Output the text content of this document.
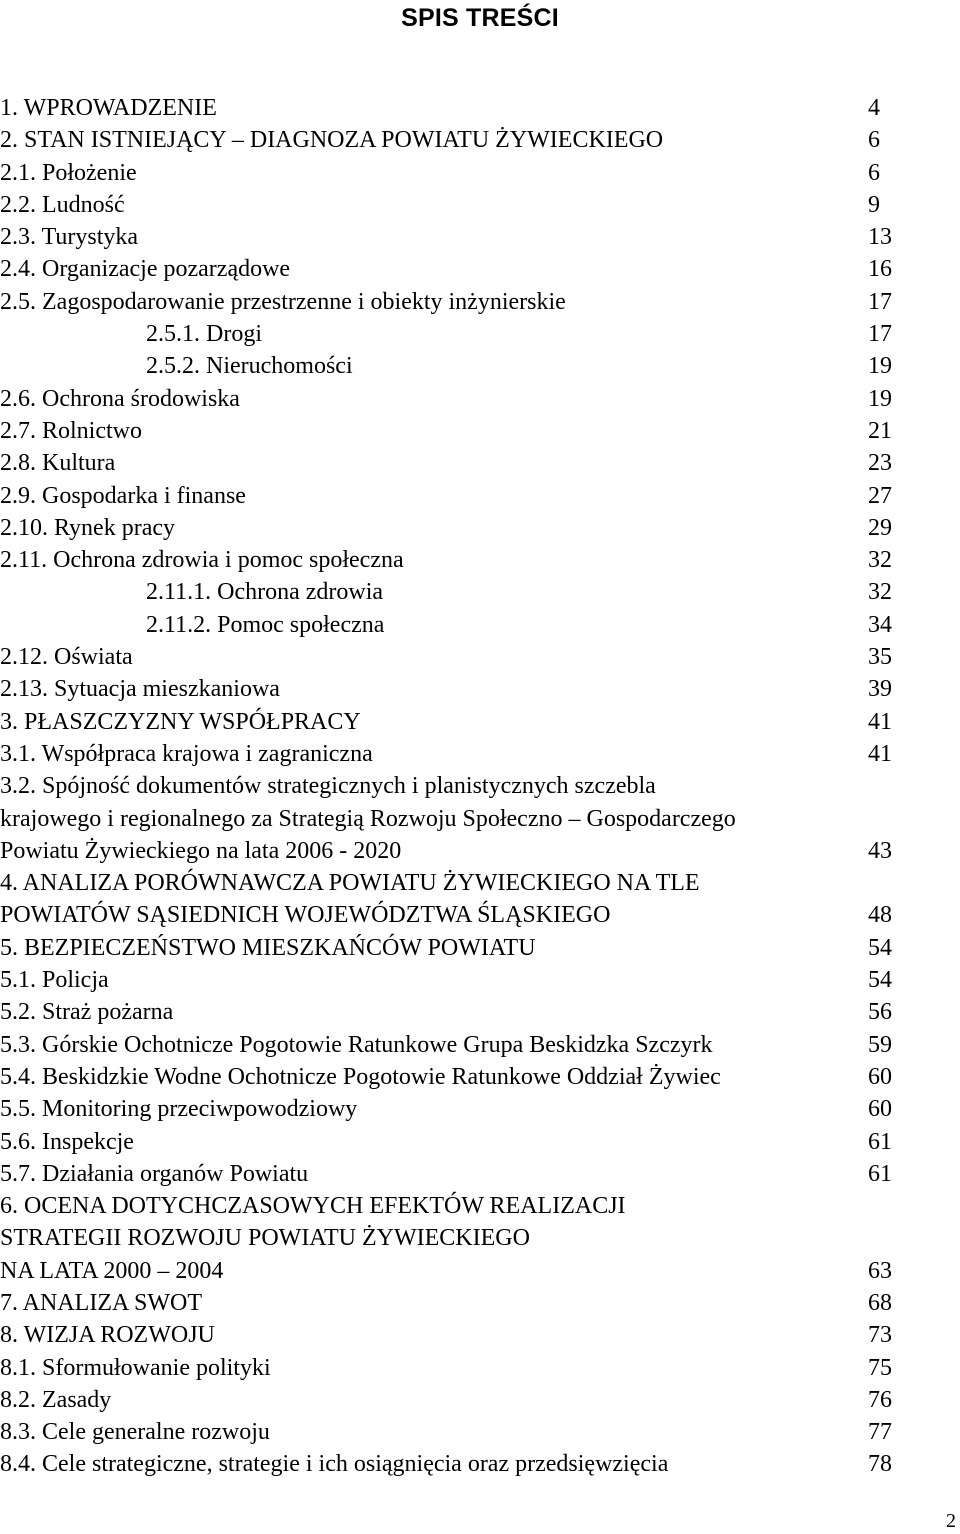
SPIS TREŚCI
1. WPROWADZENIE	4
2. STAN ISTNIEJĄCY – DIAGNOZA POWIATU ŻYWIECKIEGO	6
2.1. Położenie	6
2.2. Ludność	9
2.3. Turystyka	13
2.4. Organizacje pozarządowe	16
2.5. Zagospodarowanie przestrzenne i obiekty inżynierskie	17
2.5.1. Drogi	17
2.5.2. Nieruchomości	19
2.6. Ochrona środowiska	19
2.7. Rolnictwo	21
2.8. Kultura	23
2.9. Gospodarka i finanse	27
2.10. Rynek pracy	29
2.11. Ochrona zdrowia i pomoc społeczna	32
2.11.1. Ochrona zdrowia	32
2.11.2. Pomoc społeczna	34
2.12. Oświata	35
2.13. Sytuacja mieszkaniowa	39
3. PŁASZCZYZNY WSPÓŁPRACY	41
3.1. Współpraca krajowa i zagraniczna	41
3.2. Spójność dokumentów strategicznych i planistycznych szczebla
krajowego i regionalnego za Strategią Rozwoju Społeczno – Gospodarczego
Powiatu Żywieckiego na lata 2006 - 2020	43
4. ANALIZA PORÓWNAWCZA POWIATU ŻYWIECKIEGO NA TLE
POWIATÓW SĄSIEDNICH WOJEWÓDZTWA ŚLĄSKIEGO	48
5. BEZPIECZEŃSTWO MIESZKAŃCÓW POWIATU	54
5.1. Policja	54
5.2. Straż pożarna	56
5.3. Górskie Ochotnicze Pogotowie Ratunkowe Grupa Beskidzka Szczyrk	59
5.4. Beskidzkie Wodne Ochotnicze Pogotowie Ratunkowe Oddział Żywiec	60
5.5. Monitoring przeciwpowodziowy	60
5.6. Inspekcje	61
5.7. Działania organów Powiatu	61
6. OCENA DOTYCHCZASOWYCH EFEKTÓW REALIZACJI
STRATEGII ROZWOJU POWIATU ŻYWIECKIEGO
NA LATA 2000 – 2004	63
7. ANALIZA SWOT	68
8. WIZJA ROZWOJU	73
8.1. Sformułowanie polityki	75
8.2. Zasady	76
8.3. Cele generalne rozwoju	77
8.4. Cele strategiczne, strategie i ich osiągnięcia oraz przedsięwzięcia	78
2
